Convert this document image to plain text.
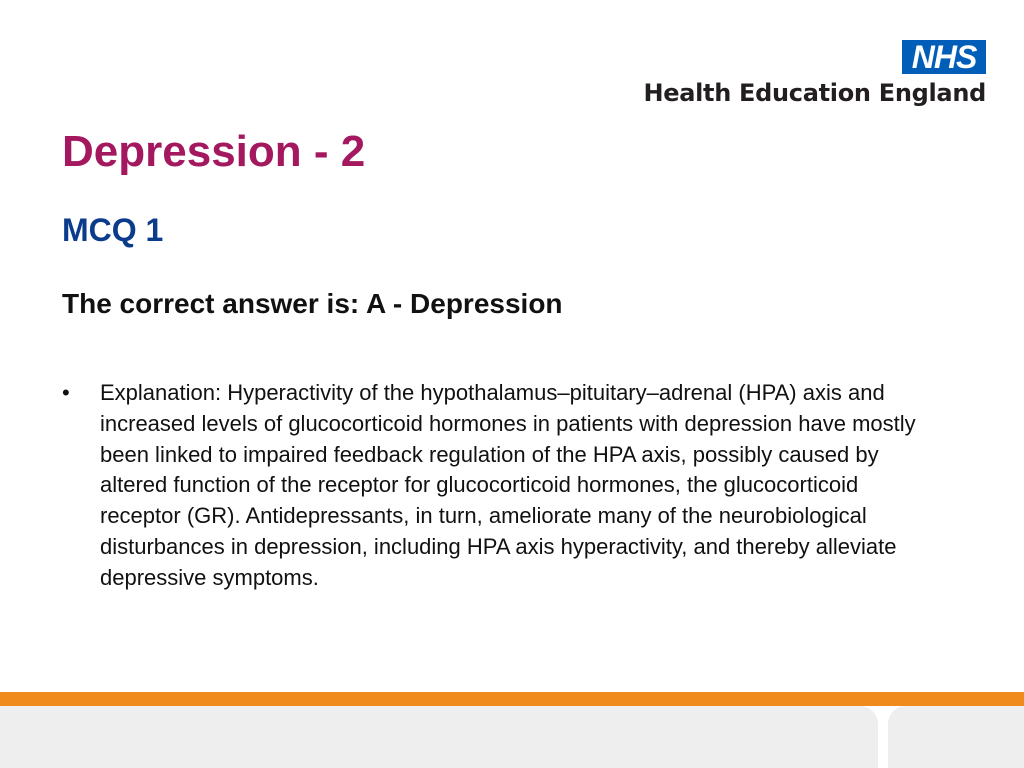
NHS
Health Education England
Depression - 2
MCQ 1

The correct answer is: A - Depression

• Explanation: Hyperactivity of the hypothalamus–pituitary–adrenal (HPA) axis and increased levels of glucocorticoid hormones in patients with depression have mostly been linked to impaired feedback regulation of the HPA axis, possibly caused by altered function of the receptor for glucocorticoid hormones, the glucocorticoid receptor (GR). Antidepressants, in turn, ameliorate many of the neurobiological disturbances in depression, including HPA axis hyperactivity, and thereby alleviate depressive symptoms.
